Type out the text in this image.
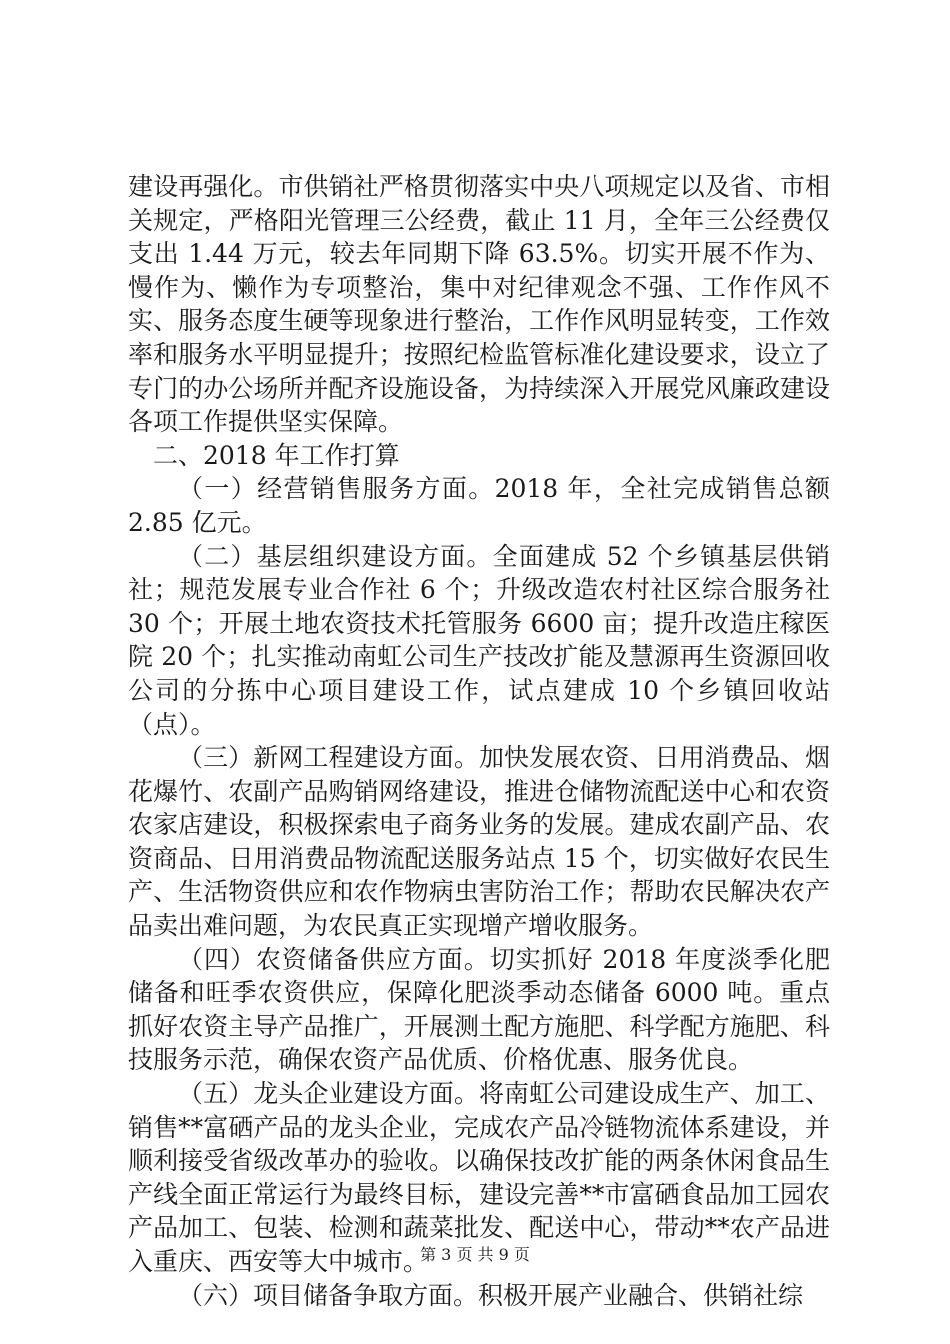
建设再强化。市供销社严格贯彻落实中央八项规定以及省、市相关规定，严格阳光管理三公经费，截止 11 月，全年三公经费仅支出 1.44 万元，较去年同期下降 63.5%。切实开展不作为、慢作为、懒作为专项整治，集中对纪律观念不强、工作作风不实、服务态度生硬等现象进行整治，工作作风明显转变，工作效率和服务水平明显提升；按照纪检监管标准化建设要求，设立了专门的办公场所并配齐设施设备，为持续深入开展党风廉政建设各项工作提供坚实保障。

二、2018 年工作打算

（一）经营销售服务方面。2018 年，全社完成销售总额 2.85 亿元。

（二）基层组织建设方面。全面建成 52 个乡镇基层供销社；规范发展专业合作社 6 个；升级改造农村社区综合服务社 30 个；开展土地农资技术托管服务 6600 亩；提升改造庄稼医院 20 个；扎实推动南虹公司生产技改扩能及慧源再生资源回收公司的分拣中心项目建设工作，试点建成 10 个乡镇回收站（点）。

（三）新网工程建设方面。加快发展农资、日用消费品、烟花爆竹、农副产品购销网络建设，推进仓储物流配送中心和农资农家店建设，积极探索电子商务业务的发展。建成农副产品、农资商品、日用消费品物流配送服务站点 15 个，切实做好农民生产、生活物资供应和农作物病虫害防治工作；帮助农民解决农产品卖出难问题，为农民真正实现增产增收服务。

（四）农资储备供应方面。切实抓好 2018 年度淡季化肥储备和旺季农资供应，保障化肥淡季动态储备 6000 吨。重点抓好农资主导产品推广，开展测土配方施肥、科学配方施肥、科技服务示范，确保农资产品优质、价格优惠、服务优良。

（五）龙头企业建设方面。将南虹公司建设成生产、加工、销售**富硒产品的龙头企业，完成农产品冷链物流体系建设，并顺利接受省级改革办的验收。以确保技改扩能的两条休闲食品生产线全面正常运行为最终目标，建设完善**市富硒食品加工园农产品加工、包装、检测和蔬菜批发、配送中心，带动**农产品进入重庆、西安等大中城市。

（六）项目储备争取方面。积极开展产业融合、供销社综

第 3 页 共 9 页
